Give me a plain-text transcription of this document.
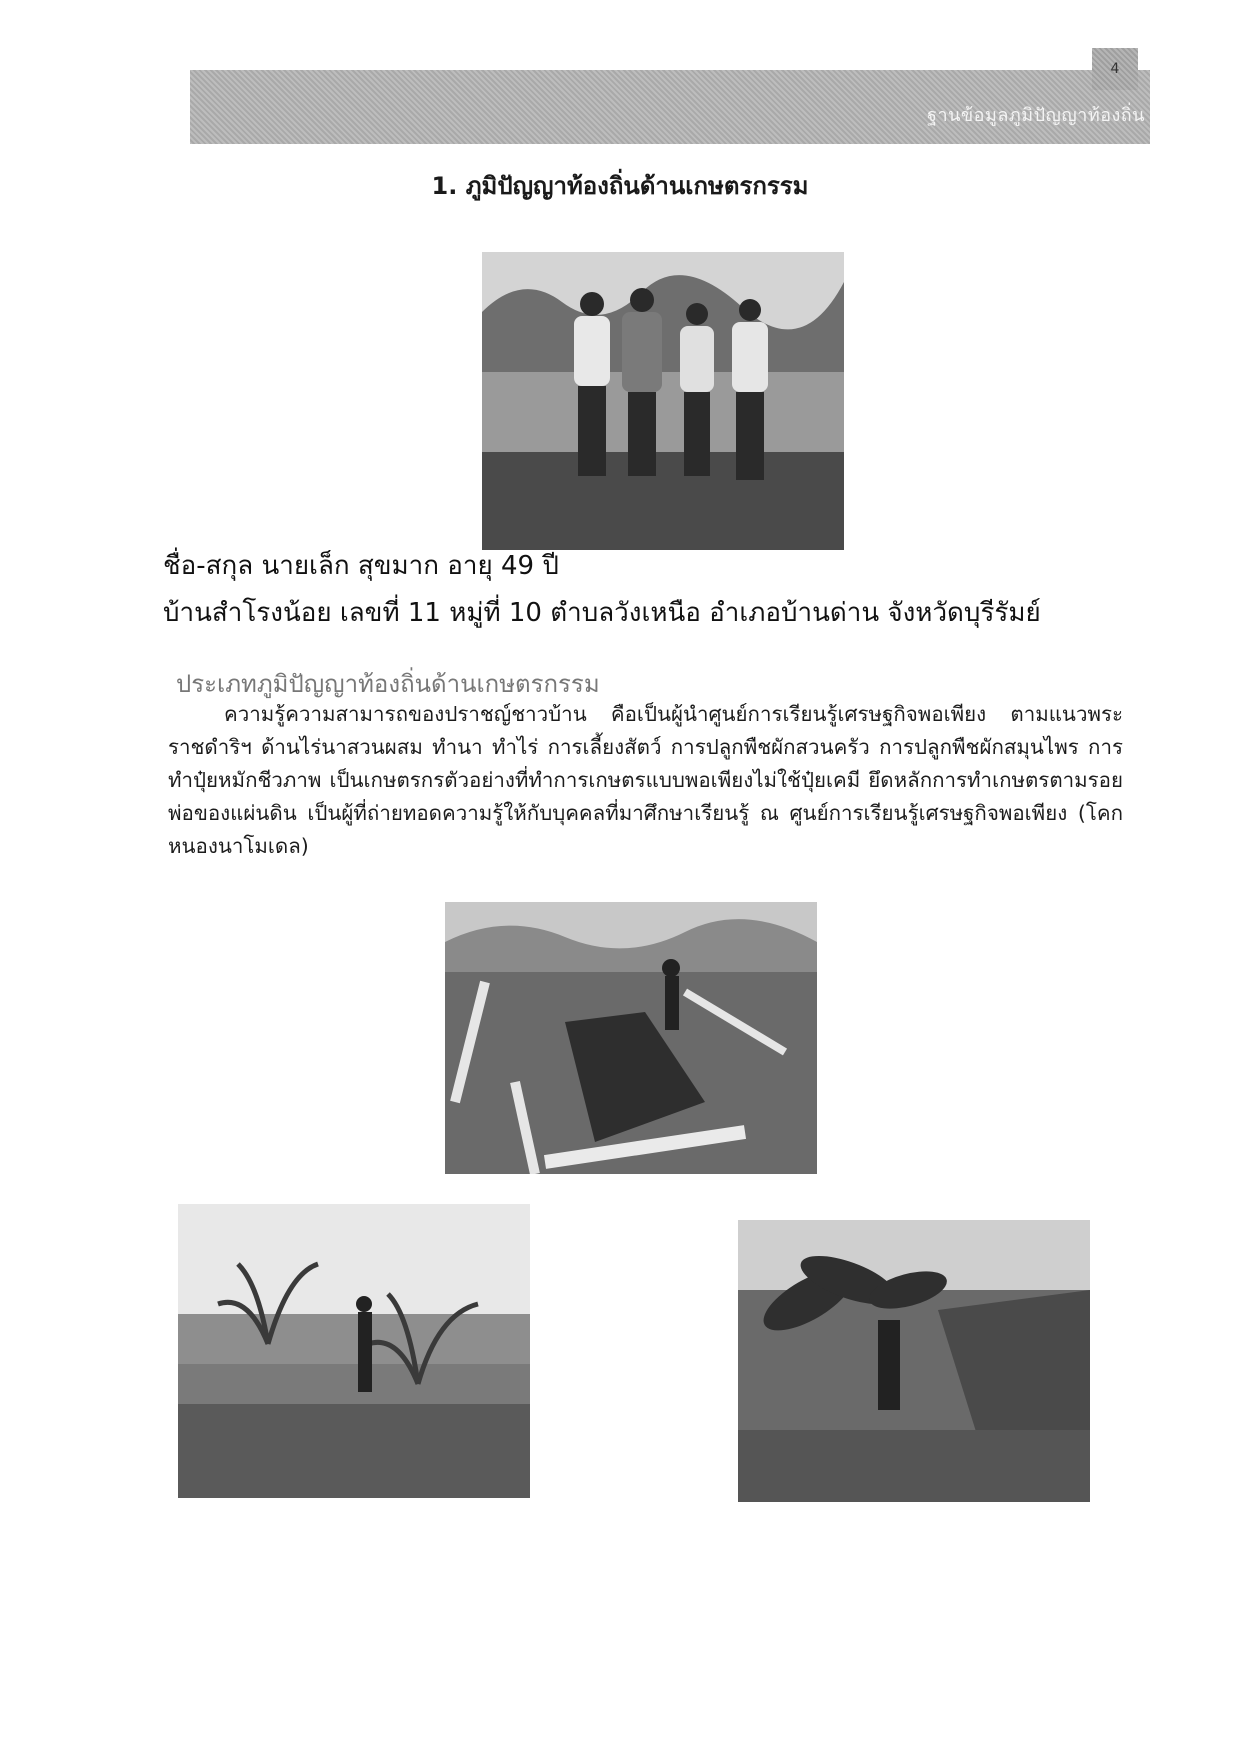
4
ฐานข้อมูลภูมิปัญญาท้องถิ่น
1. ภูมิปัญญาท้องถิ่นด้านเกษตรกรรม
ชื่อ-สกุล นายเล็ก สุขมาก อายุ 49 ปี
บ้านสำโรงน้อย เลขที่ 11 หมู่ที่ 10 ตำบลวังเหนือ อำเภอบ้านด่าน จังหวัดบุรีรัมย์
ประเภทภูมิปัญญาท้องถิ่นด้านเกษตรกรรม
ความรู้ความสามารถของปราชญ์ชาวบ้าน คือเป็นผู้นำศูนย์การเรียนรู้เศรษฐกิจพอเพียง ตามแนวพระราชดำริฯ ด้านไร่นาสวนผสม ทำนา ทำไร่ การเลี้ยงสัตว์ การปลูกพืชผักสวนครัว การปลูกพืชผักสมุนไพร การทำปุ๋ยหมักชีวภาพ เป็นเกษตรกรตัวอย่างที่ทำการเกษตรแบบพอเพียงไม่ใช้ปุ๋ยเคมี ยึดหลักการทำเกษตรตามรอยพ่อของแผ่นดิน เป็นผู้ที่ถ่ายทอดความรู้ให้กับบุคคลที่มาศึกษาเรียนรู้ ณ ศูนย์การเรียนรู้เศรษฐกิจพอเพียง (โคกหนองนาโมเดล)
